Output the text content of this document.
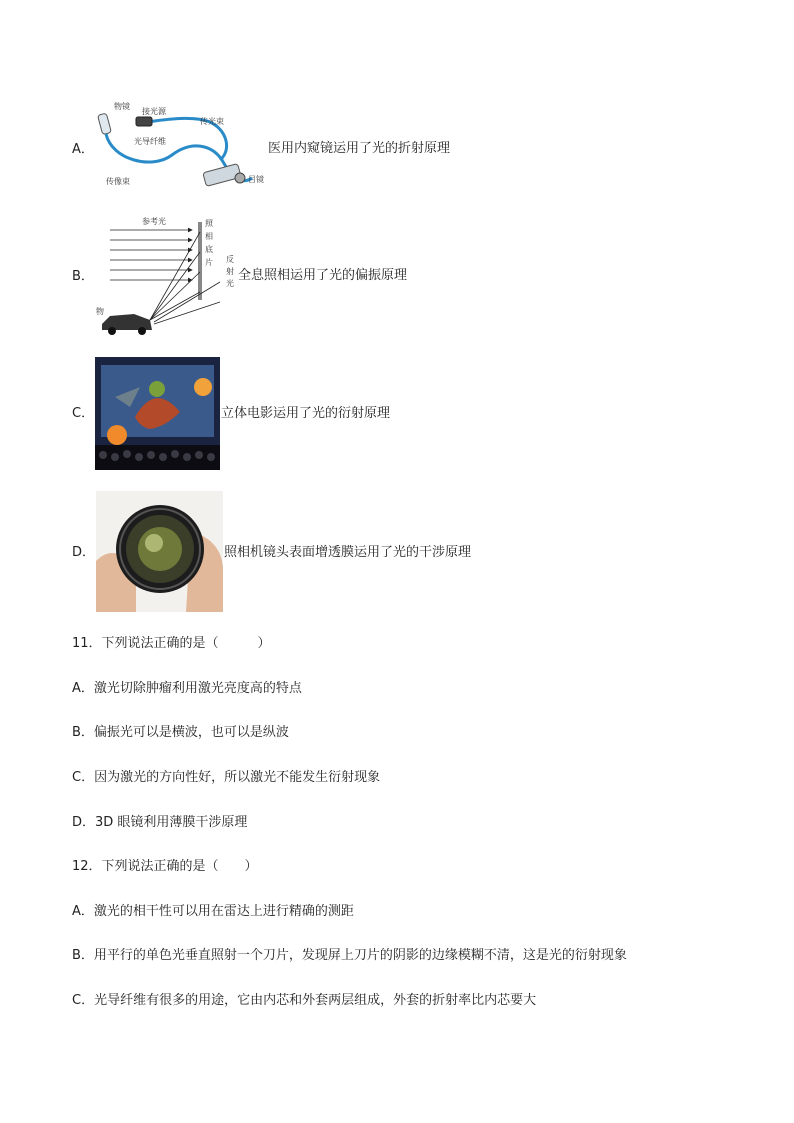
A．
物镜
接光源
传光束
光导纤维
传像束	目镜
医用内窥镜运用了光的折射原理
B．
参考光	照
相
底
片 反
射
光
物
全息照相运用了光的偏振原理
C．	立体电影运用了光的衍射原理
D．	照相机镜头表面增透膜运用了光的干涉原理
11．下列说法正确的是（　　　）
A．激光切除肿瘤利用激光亮度高的特点
B．偏振光可以是横波，也可以是纵波
C．因为激光的方向性好，所以激光不能发生衍射现象
D．3D 眼镜利用薄膜干涉原理
12．下列说法正确的是（　　）
A．激光的相干性可以用在雷达上进行精确的测距
B．用平行的单色光垂直照射一个刀片，发现屏上刀片的阴影的边缘模糊不清，这是光的衍射现象
C．光导纤维有很多的用途，它由内芯和外套两层组成，外套的折射率比内芯要大
